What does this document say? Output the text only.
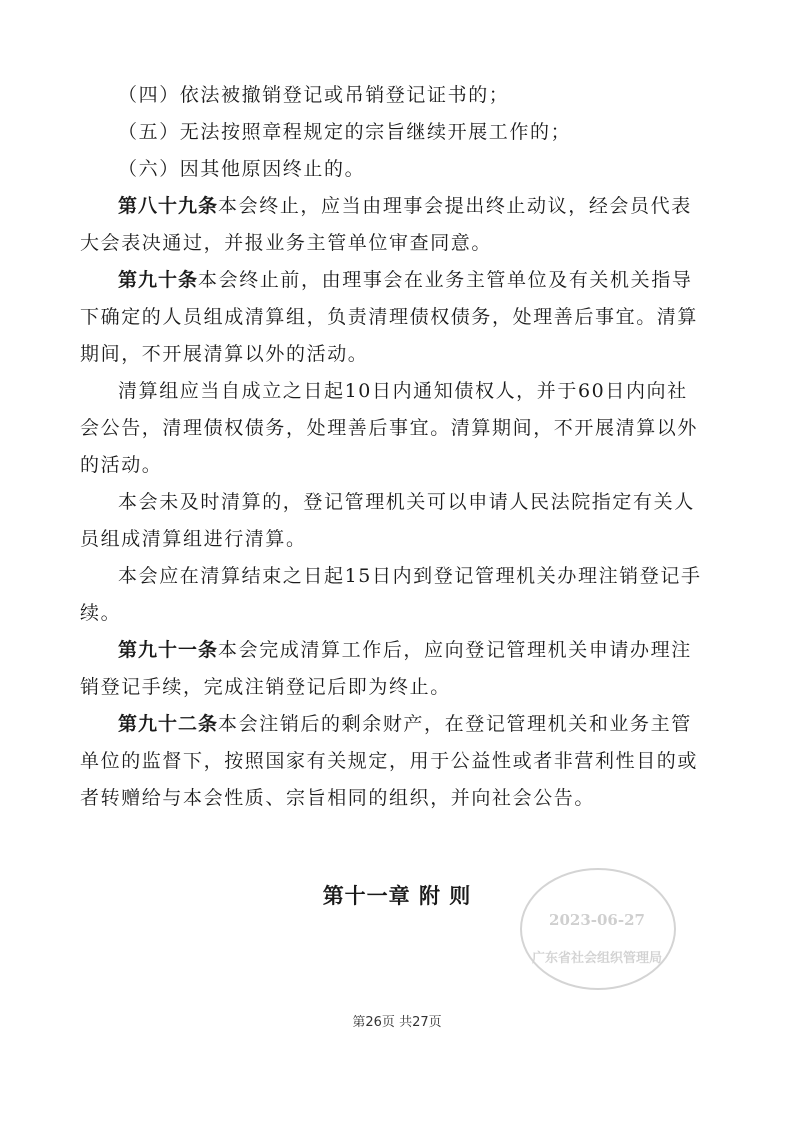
（四）依法被撤销登记或吊销登记证书的；

（五）无法按照章程规定的宗旨继续开展工作的；

（六）因其他原因终止的。

第八十九条本会终止，应当由理事会提出终止动议，经会员代表大会表决通过，并报业务主管单位审查同意。

第九十条本会终止前，由理事会在业务主管单位及有关机关指导下确定的人员组成清算组，负责清理债权债务，处理善后事宜。清算期间，不开展清算以外的活动。

清算组应当自成立之日起10日内通知债权人，并于60日内向社会公告，清理债权债务，处理善后事宜。清算期间，不开展清算以外的活动。

本会未及时清算的，登记管理机关可以申请人民法院指定有关人员组成清算组进行清算。

本会应在清算结束之日起15日内到登记管理机关办理注销登记手续。

第九十一条本会完成清算工作后，应向登记管理机关申请办理注销登记手续，完成注销登记后即为终止。

第九十二条本会注销后的剩余财产，在登记管理机关和业务主管单位的监督下，按照国家有关规定，用于公益性或者非营利性目的或者转赠给与本会性质、宗旨相同的组织，并向社会公告。

第十一章 附 则
2023-06-27
广东省社会组织管理局
第26页 共27页
